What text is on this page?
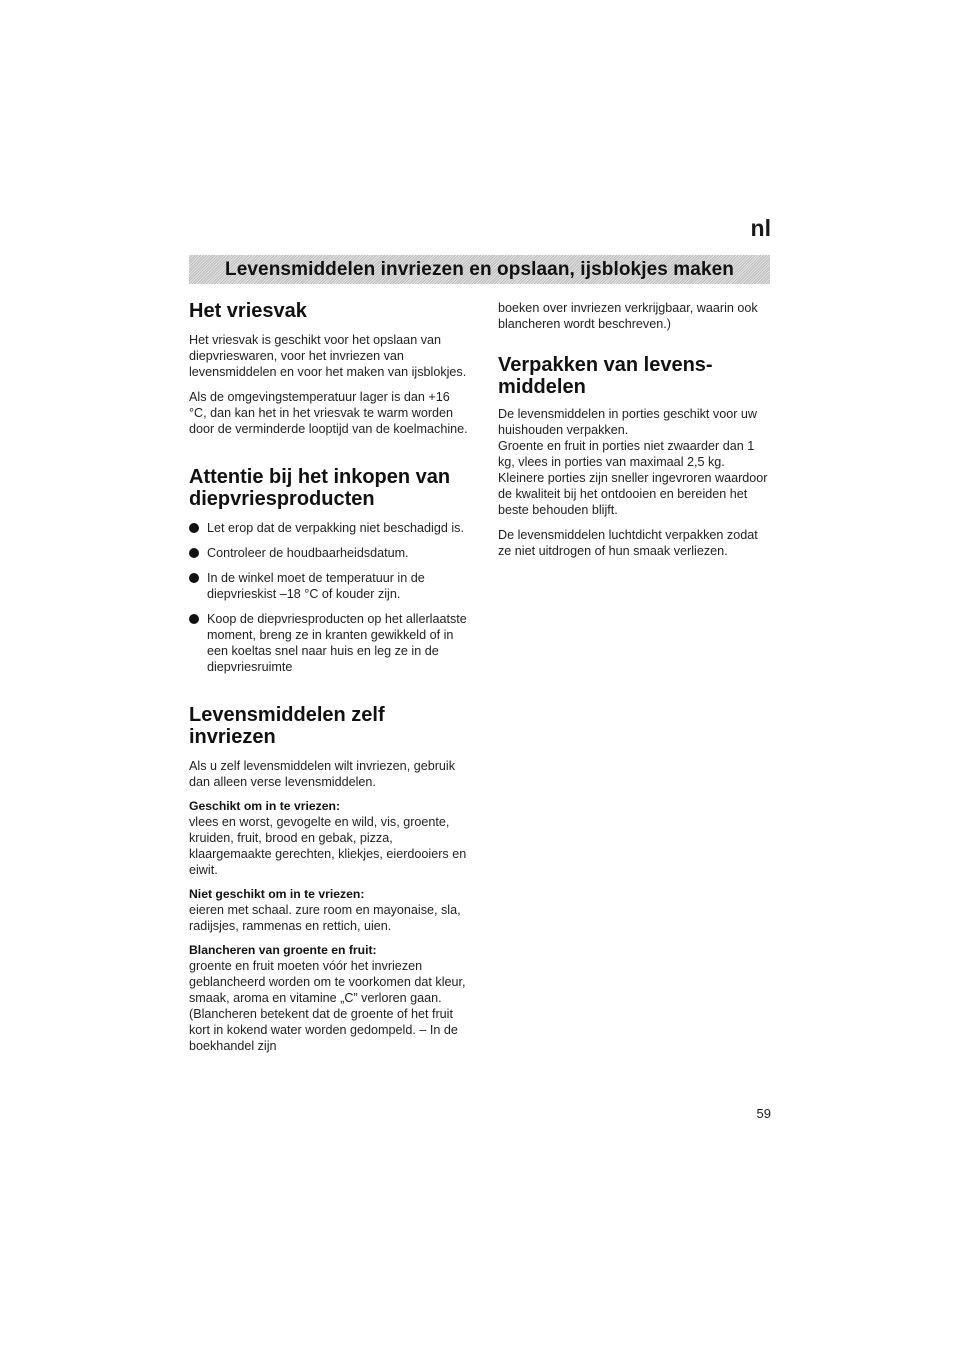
nl
Levensmiddelen invriezen en opslaan, ijsblokjes maken
Het vriesvak

Het vriesvak is geschikt voor het opslaan van diepvrieswaren, voor het invriezen van levensmiddelen en voor het maken van ijsblokjes.

Als de omgevingstemperatuur lager is dan +16 °C, dan kan het in het vriesvak te warm worden door de verminderde looptijd van de koelmachine.

Attentie bij het inkopen van diepvriesproducten
Let erop dat de verpakking niet beschadigd is.
Controleer de houdbaarheidsdatum.
In de winkel moet de temperatuur in de diepvrieskist –18 °C of kouder zijn.
Koop de diepvriesproducten op het allerlaatste moment, breng ze in kranten gewikkeld of in een koeltas snel naar huis en leg ze in de diepvriesruimte
Levensmiddelen zelf invriezen

Als u zelf levensmiddelen wilt invriezen, gebruik dan alleen verse levensmiddelen.

Geschikt om in te vriezen:

vlees en worst, gevogelte en wild, vis, groente, kruiden, fruit, brood en gebak, pizza, klaargemaakte gerechten, kliekjes, eierdooiers en eiwit.

Niet geschikt om in te vriezen:

eieren met schaal. zure room en mayonaise, sla, radijsjes, rammenas en rettich, uien.

Blancheren van groente en fruit:

groente en fruit moeten vóór het invriezen geblancheerd worden om te voorkomen dat kleur, smaak, aroma en vitamine „C” verloren gaan. (Blancheren betekent dat de groente of het fruit kort in kokend water worden gedompeld. – In de boekhandel zijn

boeken over invriezen verkrijgbaar, waarin ook blancheren wordt beschreven.)

Verpakken van levens- middelen

De levensmiddelen in porties geschikt voor uw huishouden verpakken.

Groente en fruit in porties niet zwaarder dan 1 kg, vlees in porties van maximaal 2,5 kg. Kleinere porties zijn sneller ingevroren waardoor de kwaliteit bij het ontdooien en bereiden het beste behouden blijft.

De levensmiddelen luchtdicht verpakken zodat ze niet uitdrogen of hun smaak verliezen.

59
